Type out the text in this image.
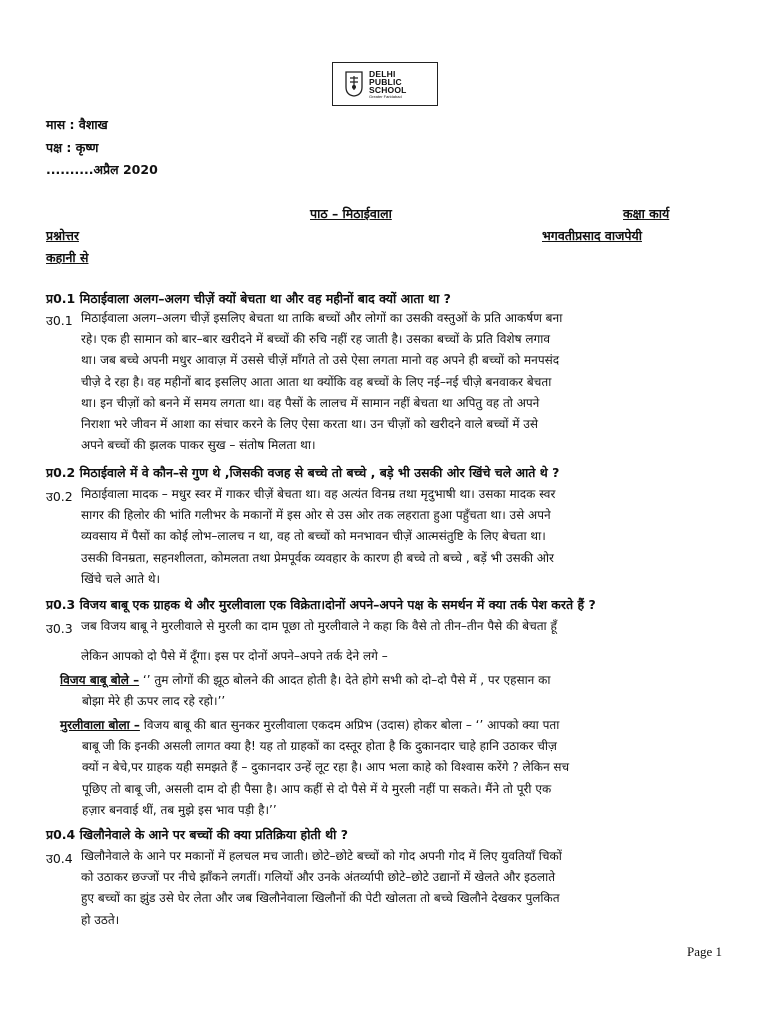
DELHI
PUBLIC
SCHOOL
Greater Faridabad
मास : वैशाख
पक्ष : कृष्ण
..........अप्रैल 2020
पाठ – मिठाईवाला	कक्षा कार्य
प्रश्नोत्तर	भगवतीप्रसाद वाजपेयी
कहानी से
प्र0.1 मिठाईवाला अलग–अलग चीज़ें क्यों बेचता था और वह महीनों बाद क्यों आता था ?
उ0.1 मिठाईवाला अलग–अलग चीज़ें इसलिए बेचता था ताकि बच्चों और लोगों का उसकी वस्तुओं के प्रति आकर्षण बना
रहे। एक ही सामान को बार–बार खरीदने में बच्चों की रुचि नहीं रह जाती है। उसका बच्चों के प्रति विशेष लगाव
था। जब बच्चे अपनी मधुर आवाज़ में उससे चीज़ें माँगते तो उसे ऐसा लगता मानो वह अपने ही बच्चों को मनपसंद
चीज़े दे रहा है। वह महीनों बाद इसलिए आता आता था क्योंकि वह बच्चों के लिए नई–नई चीज़े बनवाकर बेचता
था। इन चीज़ों को बनने में समय लगता था। वह पैसों के लालच में सामान नहीं बेचता था अपितु वह तो अपने
निराशा भरे जीवन में आशा का संचार करने के लिए ऐसा करता था। उन चीज़ों को खरीदने वाले बच्चों में उसे
अपने बच्चों की झलक पाकर सुख – संतोष मिलता था।
प्र0.2 मिठाईवाले में वे कौन–से गुण थे ,जिसकी वजह से बच्चे तो बच्चे , बड़े भी उसकी ओर खिंचे चले आते थे ?
उ0.2 मिठाईवाला मादक – मधुर स्वर में गाकर चीज़ें बेचता था। वह अत्यंत विनम्र तथा मृदुभाषी था। उसका मादक स्वर
सागर की हिलोर की भांति गलीभर के मकानों में इस ओर से उस ओर तक लहराता हुआ पहुँचता था। उसे अपने
व्यवसाय में पैसों का कोई लोभ–लालच न था, वह तो बच्चों को मनभावन चीज़ें आत्मसंतुष्टि के लिए बेचता था।
उसकी विनम्रता, सहनशीलता, कोमलता तथा प्रेमपूर्वक व्यवहार के कारण ही बच्चे तो बच्चे , बड़ें भी उसकी ओर
खिंचे चले आते थे।
प्र0.3 विजय बाबू एक ग्राहक थे और मुरलीवाला एक विक्रेता।दोनों अपने–अपने पक्ष के समर्थन में क्या तर्क पेश करते हैं ?
उ0.3 जब विजय बाबू ने मुरलीवाले से मुरली का दाम पूछा तो मुरलीवाले ने कहा कि वैसे तो तीन–तीन पैसे की बेचता हूँ
लेकिन आपको दो पैसे में दूँगा। इस पर दोनों अपने–अपने तर्क देने लगे –
विजय बाबू बोले – ‘’ तुम लोगों की झूठ बोलने की आदत होती है। देते होगे सभी को दो–दो पैसे में , पर एहसान का
बोझा मेरे ही ऊपर लाद रहे रहो।’’
मुरलीवाला बोला – विजय बाबू की बात सुनकर मुरलीवाला एकदम अप्रिभ (उदास) होकर बोला – ‘’ आपको क्या पता
बाबू जी कि इनकी असली लागत क्या है! यह तो ग्राहकों का दस्तूर होता है कि दुकानदार चाहे हानि उठाकर चीज़
क्यों न बेचे,पर ग्राहक यही समझते हैं – दुकानदार उन्हें लूट रहा है। आप भला काहे को विश्वास करेंगे ? लेकिन सच
पूछिए तो बाबू जी, असली दाम दो ही पैसा है। आप कहीं से दो पैसे में ये मुरली नहीं पा सकते। मैंने तो पूरी एक
हज़ार बनवाई थीं, तब मुझे इस भाव पड़ी है।’’
प्र0.4 खिलौनेवाले के आने पर बच्चों की क्या प्रतिक्रिया होती थी ?
उ0.4 खिलौनेवाले के आने पर मकानों में हलचल मच जाती। छोटे–छोटे बच्चों को गोद अपनी गोद में लिए युवतियाँ चिकों
को उठाकर छज्जों पर नीचे झाँकने लगतीं। गलियों और उनके अंतर्व्यापी छोटे–छोटे उद्यानों में खेलते और इठलाते
हुए बच्चों का झुंड उसे घेर लेता और जब खिलौनेवाला खिलौनों की पेटी खोलता तो बच्चे खिलौने देखकर पुलकित
हो उठते।
Page 1
